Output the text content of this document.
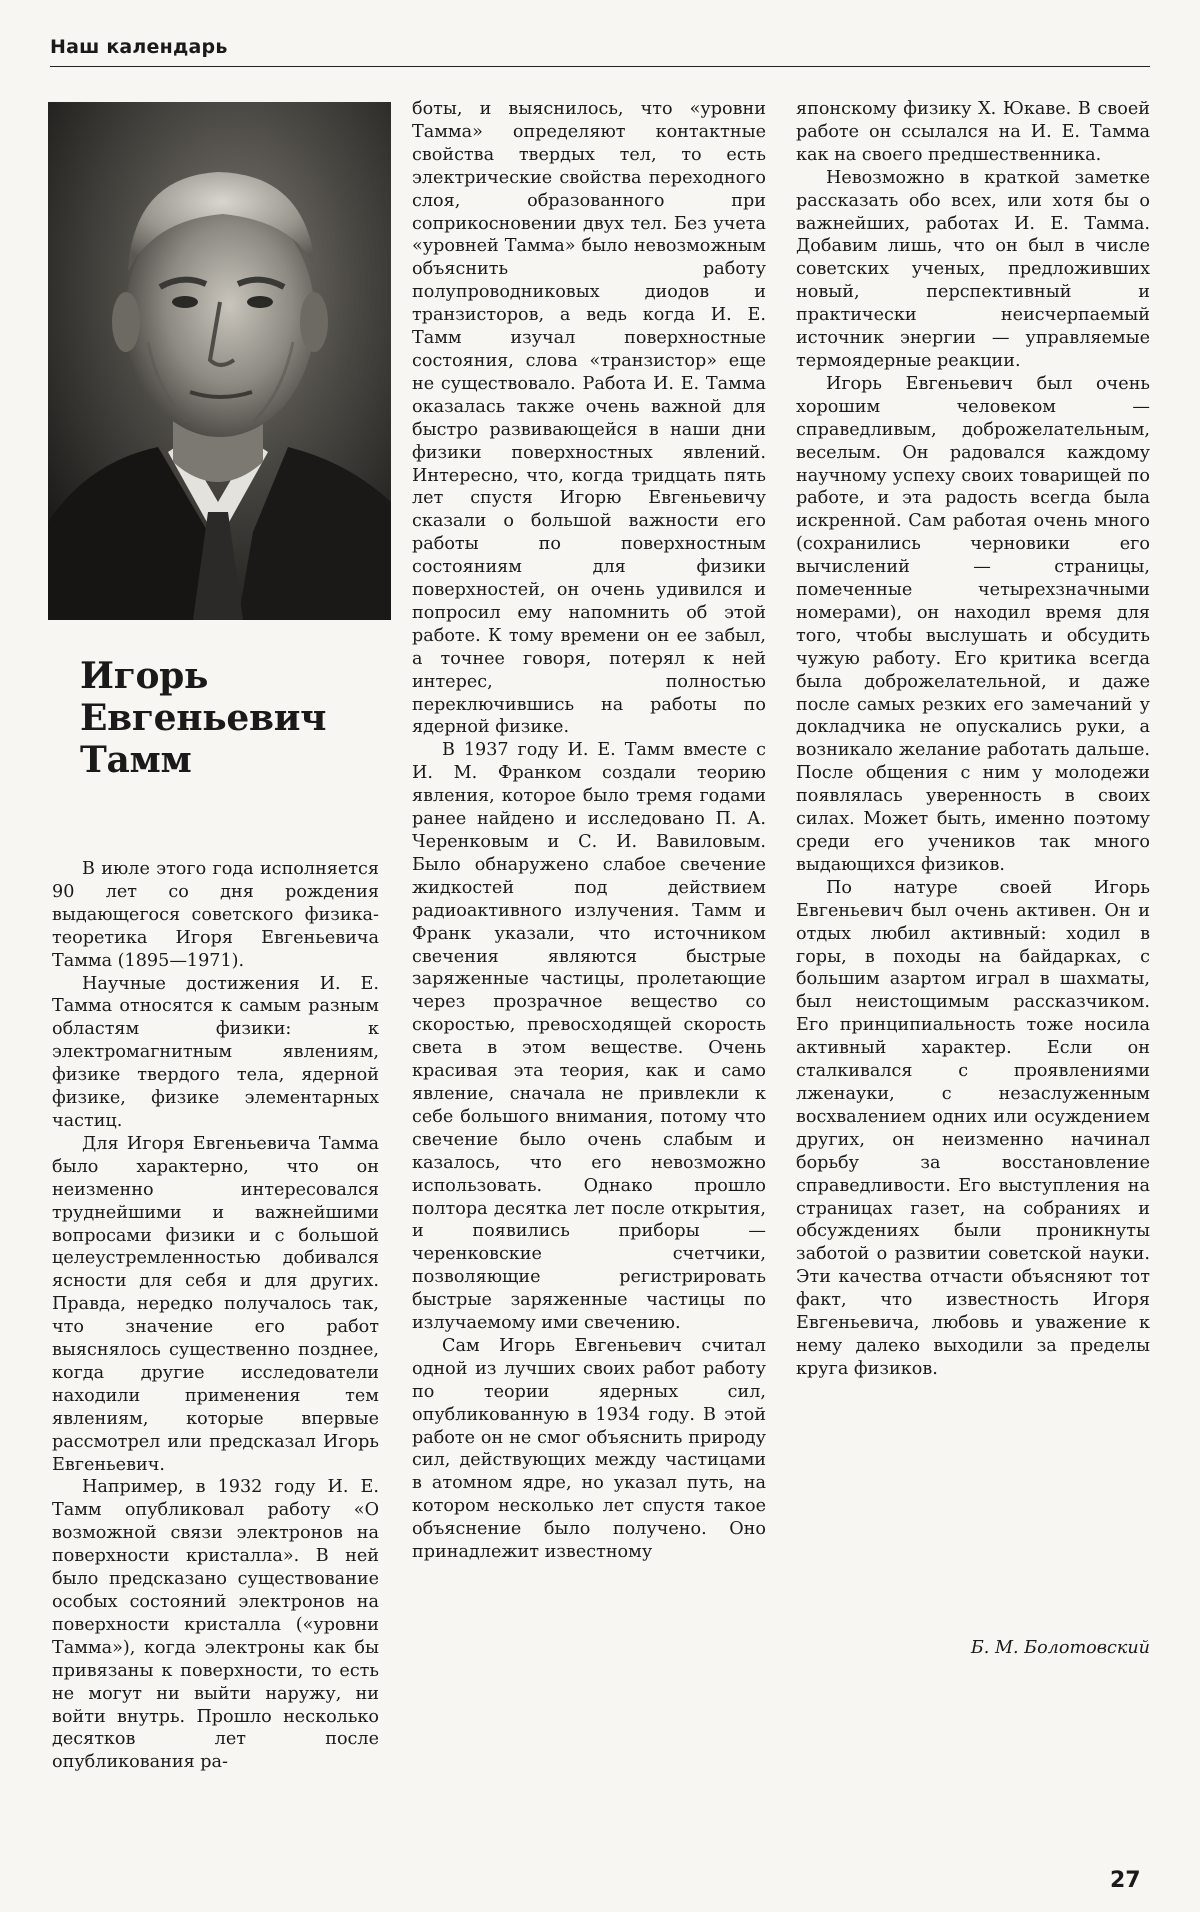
Наш календарь
Игорь
Евгеньевич
Тамм

В июле этого года исполняется 90 лет со дня рождения выдающегося советского физика-теоретика Игоря Евгеньевича Тамма (1895—1971).

Научные достижения И. Е. Тамма относятся к самым разным областям физики: к электромагнитным явлениям, физике твердого тела, ядерной физике, физике элементарных частиц.

Для Игоря Евгеньевича Тамма было характерно, что он неизменно интересовался труднейшими и важнейшими вопросами физики и с большой целеустремленностью добивался ясности для себя и для других. Правда, нередко получалось так, что значение его работ выяснялось существенно позднее, когда другие исследователи находили применения тем явлениям, которые впервые рассмотрел или предсказал Игорь Евгеньевич.

Например, в 1932 году И. Е. Тамм опубликовал работу «О возможной связи электронов на поверхности кристалла». В ней было предсказано существование особых состояний электронов на поверхности кристалла («уровни Тамма»), когда электроны как бы привязаны к поверхности, то есть не могут ни выйти наружу, ни войти внутрь. Прошло несколько десятков лет после опубликования ра-

боты, и выяснилось, что «уровни Тамма» определяют контактные свойства твердых тел, то есть электрические свойства переходного слоя, образованного при соприкосновении двух тел. Без учета «уровней Тамма» было невозможным объяснить работу полупроводниковых диодов и транзисторов, а ведь когда И. Е. Тамм изучал поверхностные состояния, слова «транзистор» еще не существовало. Работа И. Е. Тамма оказалась также очень важной для быстро развивающейся в наши дни физики поверхностных явлений. Интересно, что, когда тридцать пять лет спустя Игорю Евгеньевичу сказали о большой важности его работы по поверхностным состояниям для физики поверхностей, он очень удивился и попросил ему напомнить об этой работе. К тому времени он ее забыл, а точнее говоря, потерял к ней интерес, полностью переключившись на работы по ядерной физике.

В 1937 году И. Е. Тамм вместе с И. М. Франком создали теорию явления, которое было тремя годами ранее найдено и исследовано П. А. Черенковым и С. И. Вавиловым. Было обнаружено слабое свечение жидкостей под действием радиоактивного излучения. Тамм и Франк указали, что источником свечения являются быстрые заряженные частицы, пролетающие через прозрачное вещество со скоростью, превосходящей скорость света в этом веществе. Очень красивая эта теория, как и само явление, сначала не привлекли к себе большого внимания, потому что свечение было очень слабым и казалось, что его невозможно использовать. Однако прошло полтора десятка лет после открытия, и появились приборы — черенковские счетчики, позволяющие регистрировать быстрые заряженные частицы по излучаемому ими свечению.

Сам Игорь Евгеньевич считал одной из лучших своих работ работу по теории ядерных сил, опубликованную в 1934 году. В этой работе он не смог объяснить природу сил, действующих между частицами в атомном ядре, но указал путь, на котором несколько лет спустя такое объяснение было получено. Оно принадлежит известному

японскому физику Х. Юкаве. В своей работе он ссылался на И. Е. Тамма как на своего предшественника.

Невозможно в краткой заметке рассказать обо всех, или хотя бы о важнейших, работах И. Е. Тамма. Добавим лишь, что он был в числе советских ученых, предложивших новый, перспективный и практически неисчерпаемый источник энергии — управляемые термоядерные реакции.

Игорь Евгеньевич был очень хорошим человеком — справедливым, доброжелательным, веселым. Он радовался каждому научному успеху своих товарищей по работе, и эта радость всегда была искренной. Сам работая очень много (сохранились черновики его вычислений — страницы, помеченные четырехзначными номерами), он находил время для того, чтобы выслушать и обсудить чужую работу. Его критика всегда была доброжелательной, и даже после самых резких его замечаний у докладчика не опускались руки, а возникало желание работать дальше. После общения с ним у молодежи появлялась уверенность в своих силах. Может быть, именно поэтому среди его учеников так много выдающихся физиков.

По натуре своей Игорь Евгеньевич был очень активен. Он и отдых любил активный: ходил в горы, в походы на байдарках, с большим азартом играл в шахматы, был неистощимым рассказчиком. Его принципиальность тоже носила активный характер. Если он сталкивался с проявлениями лженауки, с незаслуженным восхвалением одних или осуждением других, он неизменно начинал борьбу за восстановление справедливости. Его выступления на страницах газет, на собраниях и обсуждениях были проникнуты заботой о развитии советской науки. Эти качества отчасти объясняют тот факт, что известность Игоря Евгеньевича, любовь и уважение к нему далеко выходили за пределы круга физиков.

Б. М. Болотовский
27
